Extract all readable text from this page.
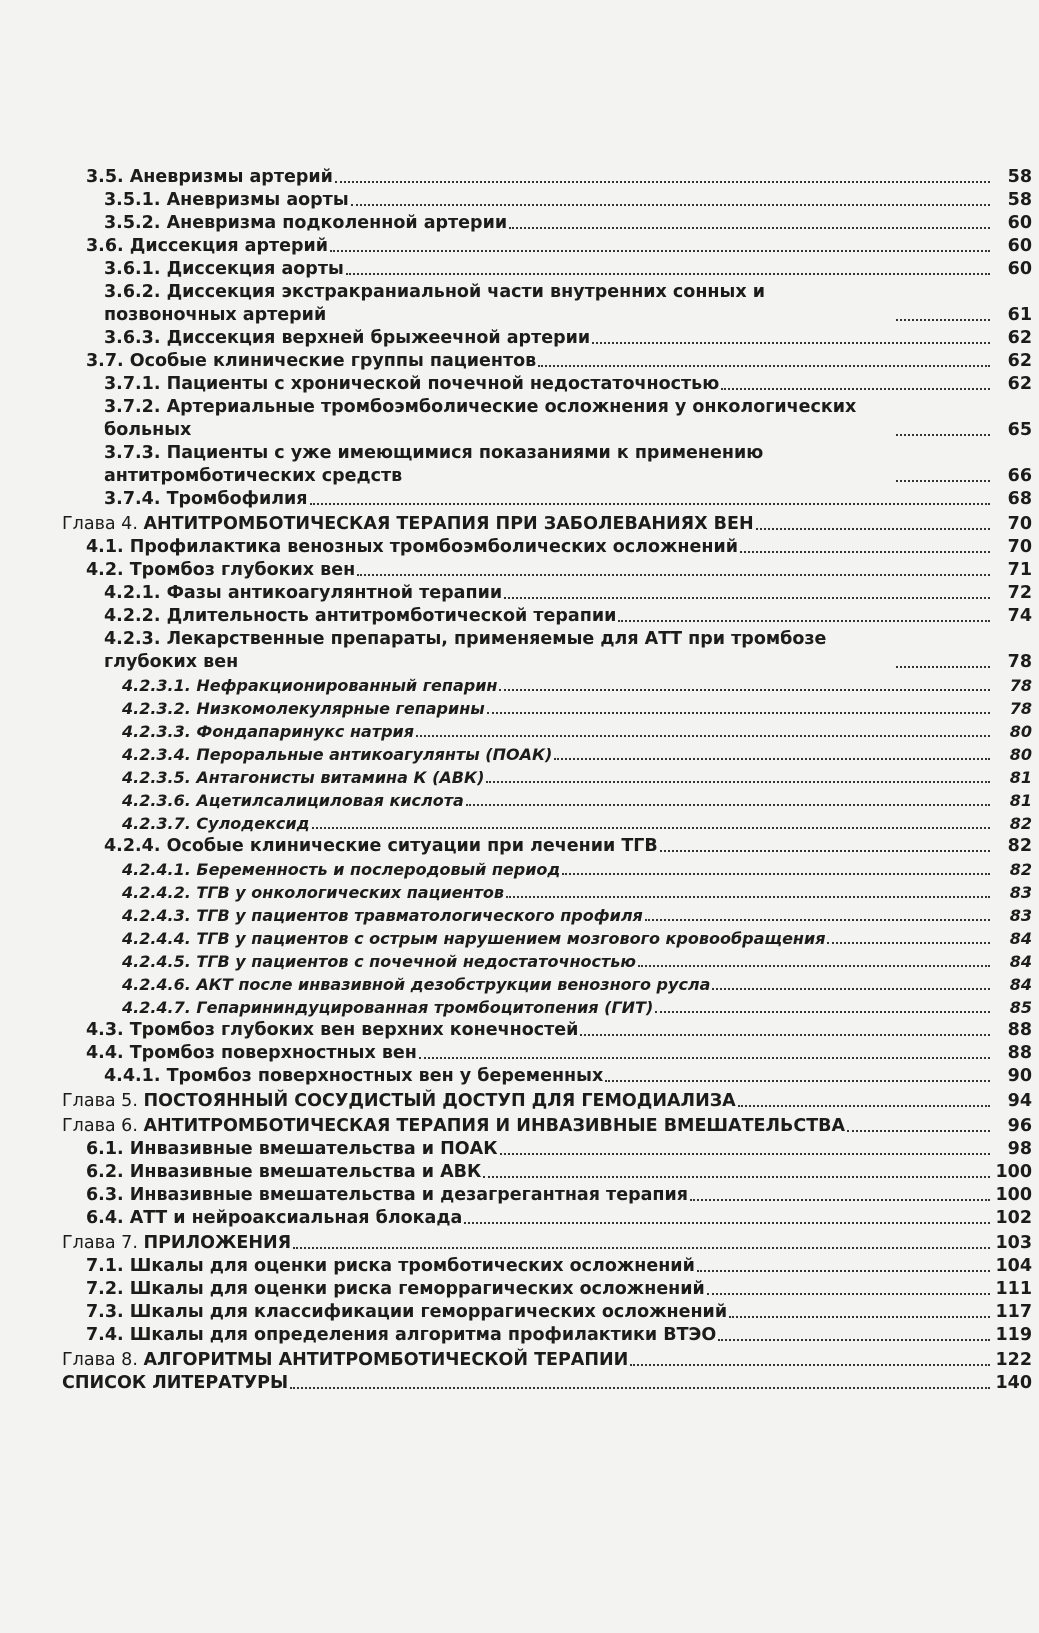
3.5. Аневризмы артерий	58
3.5.1. Аневризмы аорты	58
3.5.2. Аневризма подколенной артерии	60
3.6. Диссекция артерий	60
3.6.1. Диссекция аорты	60
3.6.2. Диссекция экстракраниальной части внутренних сонных и позвоночных артерий	61
3.6.3. Диссекция верхней брыжеечной артерии	62
3.7. Особые клинические группы пациентов	62
3.7.1. Пациенты с хронической почечной недостаточностью	62
3.7.2. Артериальные тромбоэмболические осложнения у онкологических больных	65
3.7.3. Пациенты с уже имеющимися показаниями к применению антитромботических средств	66
3.7.4. Тромбофилия	68
Глава 4. АНТИТРОМБОТИЧЕСКАЯ ТЕРАПИЯ ПРИ ЗАБОЛЕВАНИЯХ ВЕН	70
4.1. Профилактика венозных тромбоэмболических осложнений	70
4.2. Тромбоз глубоких вен	71
4.2.1. Фазы антикоагулянтной терапии	72
4.2.2. Длительность антитромботической терапии	74
4.2.3. Лекарственные препараты, применяемые для АТТ при тромбозе глубоких вен	78
4.2.3.1. Нефракционированный гепарин	78
4.2.3.2. Низкомолекулярные гепарины	78
4.2.3.3. Фондапаринукс натрия	80
4.2.3.4. Пероральные антикоагулянты (ПОАК)	80
4.2.3.5. Антагонисты витамина К (АВК)	81
4.2.3.6. Ацетилсалициловая кислота	81
4.2.3.7. Сулодексид	82
4.2.4. Особые клинические ситуации при лечении ТГВ	82
4.2.4.1. Беременность и послеродовый период	82
4.2.4.2. ТГВ у онкологических пациентов	83
4.2.4.3. ТГВ у пациентов травматологического профиля	83
4.2.4.4. ТГВ у пациентов с острым нарушением мозгового кровообращения	84
4.2.4.5. ТГВ у пациентов с почечной недостаточностью	84
4.2.4.6. АКТ после инвазивной дезобструкции венозного русла	84
4.2.4.7. Гепарининдуцированная тромбоцитопения (ГИТ)	85
4.3. Тромбоз глубоких вен верхних конечностей	88
4.4. Тромбоз поверхностных вен	88
4.4.1. Тромбоз поверхностных вен у беременных	90
Глава 5. ПОСТОЯННЫЙ СОСУДИСТЫЙ ДОСТУП ДЛЯ ГЕМОДИАЛИЗА	94
Глава 6. АНТИТРОМБОТИЧЕСКАЯ ТЕРАПИЯ И ИНВАЗИВНЫЕ ВМЕШАТЕЛЬСТВА	96
6.1. Инвазивные вмешательства и ПОАК	98
6.2. Инвазивные вмешательства и АВК	100
6.3. Инвазивные вмешательства и дезагрегантная терапия	100
6.4. АТТ и нейроаксиальная блокада	102
Глава 7. ПРИЛОЖЕНИЯ	103
7.1. Шкалы для оценки риска тромботических осложнений	104
7.2. Шкалы для оценки риска геморрагических осложнений	111
7.3. Шкалы для классификации геморрагических осложнений	117
7.4. Шкалы для определения алгоритма профилактики ВТЭО	119
Глава 8. АЛГОРИТМЫ АНТИТРОМБОТИЧЕСКОЙ ТЕРАПИИ	122
СПИСОК ЛИТЕРАТУРЫ	140
